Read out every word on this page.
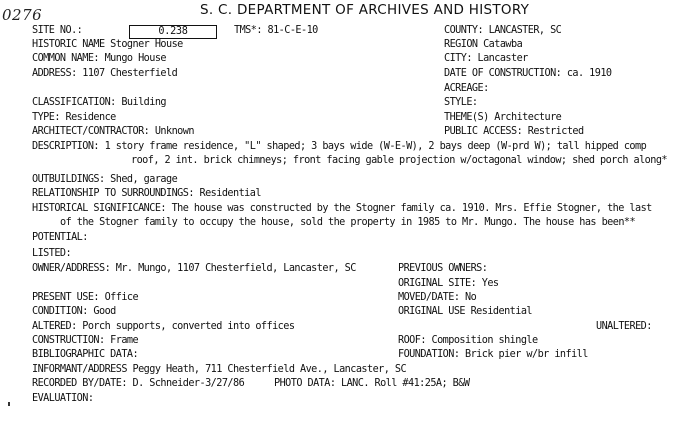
0276	S. C. DEPARTMENT OF ARCHIVES AND HISTORY
SITE NO.:	0.238	TMS*: 81-C-E-10	COUNTY: LANCASTER, SC
HISTORIC NAME Stogner House	REGION Catawba
COMMON NAME: Mungo House	CITY: Lancaster
ADDRESS: 1107 Chesterfield	DATE OF CONSTRUCTION: ca. 1910
ACREAGE:
CLASSIFICATION: Building	STYLE:
TYPE: Residence	THEME(S) Architecture
ARCHITECT/CONTRACTOR: Unknown	PUBLIC ACCESS: Restricted
DESCRIPTION: 1 story frame residence, "L" shaped; 3 bays wide (W-E-W), 2 bays deep (W-prd W); tall hipped comp
roof, 2 int. brick chimneys; front facing gable projection w/octagonal window; shed porch along*
OUTBUILDINGS: Shed, garage
RELATIONSHIP TO SURROUNDINGS: Residential
HISTORICAL SIGNIFICANCE: The house was constructed by the Stogner family ca. 1910. Mrs. Effie Stogner, the last
of the Stogner family to occupy the house, sold the property in 1985 to Mr. Mungo. The house has been**
POTENTIAL:
LISTED:
OWNER/ADDRESS: Mr. Mungo, 1107 Chesterfield, Lancaster, SC	PREVIOUS OWNERS:
ORIGINAL SITE: Yes
PRESENT USE: Office	MOVED/DATE: No
CONDITION: Good	ORIGINAL USE Residential
ALTERED: Porch supports, converted into offices	UNALTERED:
CONSTRUCTION: Frame	ROOF: Composition shingle
BIBLIOGRAPHIC DATA:	FOUNDATION: Brick pier w/br infill
INFORMANT/ADDRESS Peggy Heath, 711 Chesterfield Ave., Lancaster, SC
RECORDED BY/DATE: D. Schneider-3/27/86	PHOTO DATA: LANC. Roll #41:25A; B&W
EVALUATION:
